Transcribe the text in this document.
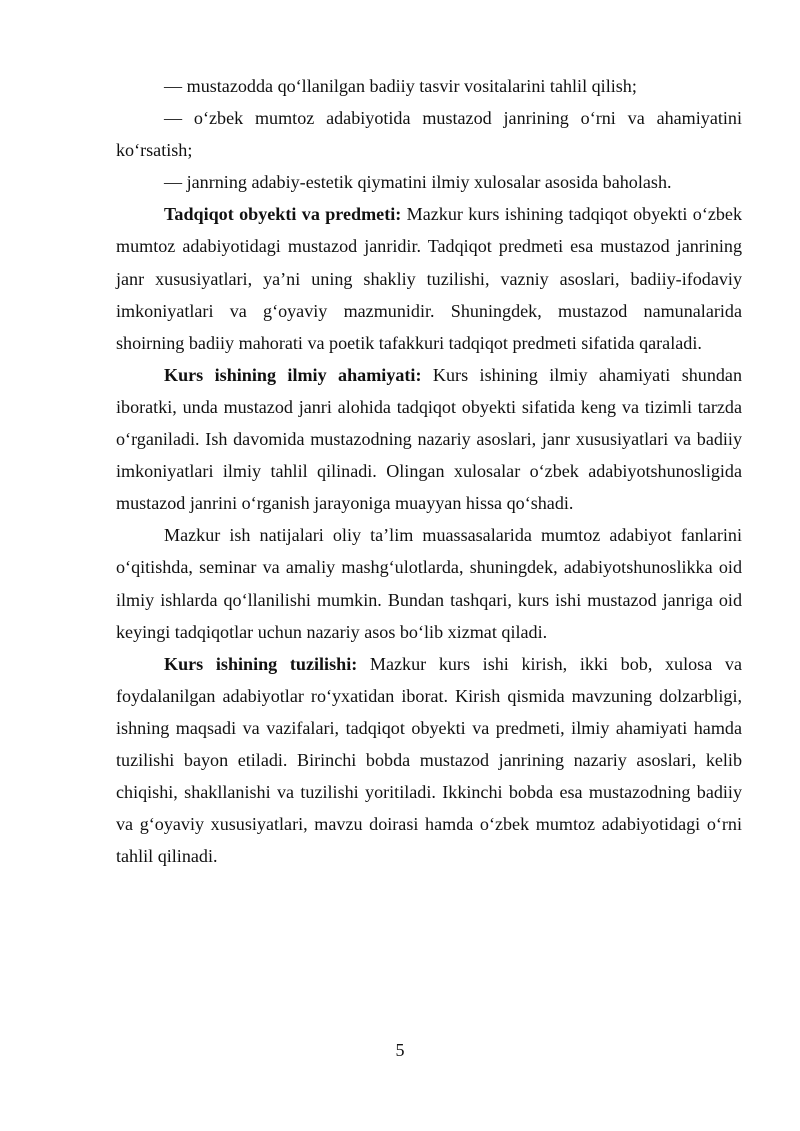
— mustazodda qo‘llanilgan badiiy tasvir vositalarini tahlil qilish;

— o‘zbek mumtoz adabiyotida mustazod janrining o‘rni va ahamiyatini ko‘rsatish;

— janrning adabiy-estetik qiymatini ilmiy xulosalar asosida baholash.

Tadqiqot obyekti va predmeti: Mazkur kurs ishining tadqiqot obyekti o‘zbek mumtoz adabiyotidagi mustazod janridir. Tadqiqot predmeti esa mustazod janrining janr xususiyatlari, ya’ni uning shakliy tuzilishi, vazniy asoslari, badiiy-ifodaviy imkoniyatlari va g‘oyaviy mazmunidir. Shuningdek, mustazod namunalarida shoirning badiiy mahorati va poetik tafakkuri tadqiqot predmeti sifatida qaraladi.

Kurs ishining ilmiy ahamiyati: Kurs ishining ilmiy ahamiyati shundan iboratki, unda mustazod janri alohida tadqiqot obyekti sifatida keng va tizimli tarzda o‘rganiladi. Ish davomida mustazodning nazariy asoslari, janr xususiyatlari va badiiy imkoniyatlari ilmiy tahlil qilinadi. Olingan xulosalar o‘zbek adabiyotshunosligida mustazod janrini o‘rganish jarayoniga muayyan hissa qo‘shadi.

Mazkur ish natijalari oliy ta’lim muassasalarida mumtoz adabiyot fanlarini o‘qitishda, seminar va amaliy mashg‘ulotlarda, shuningdek, adabiyotshunoslikka oid ilmiy ishlarda qo‘llanilishi mumkin. Bundan tashqari, kurs ishi mustazod janriga oid keyingi tadqiqotlar uchun nazariy asos bo‘lib xizmat qiladi.

Kurs ishining tuzilishi: Mazkur kurs ishi kirish, ikki bob, xulosa va foydalanilgan adabiyotlar ro‘yxatidan iborat. Kirish qismida mavzuning dolzarbligi, ishning maqsadi va vazifalari, tadqiqot obyekti va predmeti, ilmiy ahamiyati hamda tuzilishi bayon etiladi. Birinchi bobda mustazod janrining nazariy asoslari, kelib chiqishi, shakllanishi va tuzilishi yoritiladi. Ikkinchi bobda esa mustazodning badiiy va g‘oyaviy xususiyatlari, mavzu doirasi hamda o‘zbek mumtoz adabiyotidagi o‘rni tahlil qilinadi.

5
